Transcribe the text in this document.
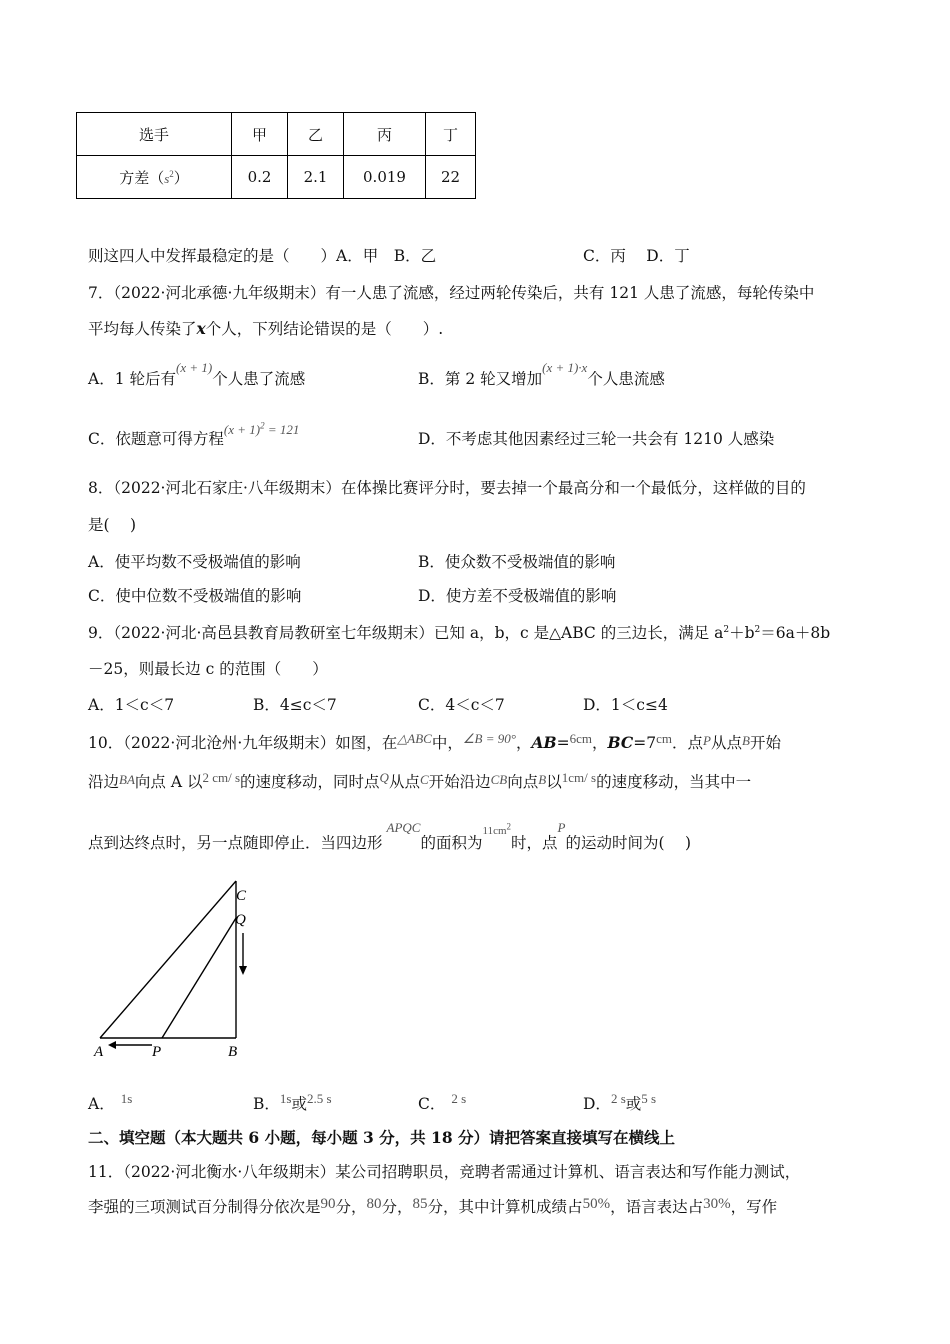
选手	甲	乙	丙	丁
方差$(s^2)$	0.2	2.1	0.019	22
则这四人中发挥最稳定的是（　　）A．甲　B．乙	C．丙　 D．丁
7．（2022·河北承德·九年级期末）有一人患了流感，经过两轮传染后，共有 121 人患了流感，每轮传染中
平均每人传染了x个人，下列结论错误的是（　　）.
A．1 轮后有$^{(x + 1)}$个人患了流感	B．第 2 轮又增加$^{(x + 1)\cdot x}$个人患流感
C．依题意可得方程$^{(x + 1)^2 = 121}$
D．不考虑其他因素经过三轮一共会有 1210 人感染
8．（2022·河北石家庄·八年级期末）在体操比赛评分时，要去掉一个最高分和一个最低分，这样做的目的
是(　 )
A．使平均数不受极端值的影响	B．使众数不受极端值的影响
C．使中位数不受极端值的影响	D．使方差不受极端值的影响
9．（2022·河北·高邑县教育局教研室七年级期末）已知 a，b，c 是△ABC 的三边长，满足 $a^2+b^2=6a+8b$
－25，则最长边 c 的范围（　　）
A．1＜c＜7	B．4≤c＜7	C．4＜c＜7	D．1＜c≤4
10．（2022·河北沧州·九年级期末）如图，在$^{\triangle ABC}$中，$^{\angle B = 90^\circ}$，AB=$^{6cm}$，$BC=7^{cm}$．点P从点B开始
沿边BA向点 A 以$^{2 cm/ s}$的速度移动，同时点$^Q$从点C开始沿边CB向点B以$^{1cm/ s}$的速度移动，当其中一
点到达终点时，另一点随即停止．当四边形$^{APQC}$的面积为$^{11cm^2}$时，点$^P$的运动时间为(　 )
C
Q
A	P	B
A． $^{1s}$	B．$^{1s}$或$^{2.5 s}$	C． $^{2 s}$	D．$^{2 s}$或$^{5 s}$
二、填空题（本大题共 6 小题，每小题 3 分，共 18 分）请把答案直接填写在横线上
11．（2022·河北衡水·八年级期末）某公司招聘职员，竞聘者需通过计算机、语言表达和写作能力测试，
李强的三项测试百分制得分依次是90分，80分，85分，其中计算机成绩占50%，语言表达占30%，写作
